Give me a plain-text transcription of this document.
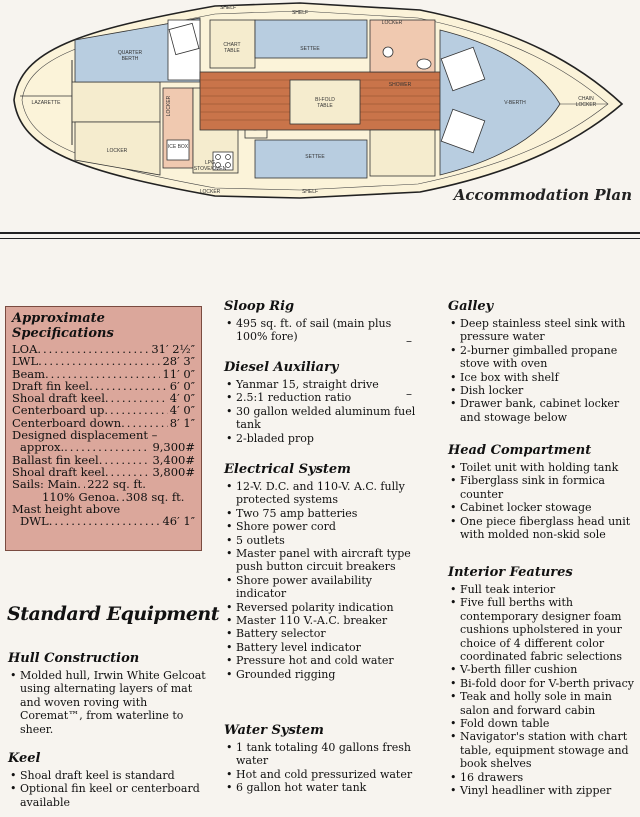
SHELF
SHELF
CHART
TABLE	SETTEE
LOCKER
QUARTER
BERTH
LAZARETTE	LOCKER	BI-FOLD
TABLE
SHOWER
V-BERTH
CHAIN
LOCKER
LOCKER
ICE BOX
LPG
STOVE/OVEN
SETTEE
LOCKER	SHELF	Accommodation Plan
Approximate
Specifications
LOA .....	31′ 2½″
LWL .....	28′ 3″
Beam .....	11′ 0″
Draft fin keel .....	6′ 0″
Shoal draft keel .....	4′ 0″
Centerboard up .....	4′ 0″
Centerboard down .....	8′ 1″
Designed displacement –
approx. .....	9,300#
Ballast fin keel .....	3,400#
Shoal draft keel .....	3,800#
Sails: Main ..... 222 sq. ft.
110% Genoa ..... 308 sq. ft.
Mast height above
DWL .....	46′ 1″
Standard Equipment
Hull Construction
• Molded hull, Irwin White Gelcoat using alternating layers of mat and woven roving with Coremat™, from waterline to sheer.
Keel
• Shoal draft keel is standard
• Optional fin keel or centerboard available
Sloop Rig
• 495 sq. ft. of sail (main plus 100% fore)
Diesel Auxiliary
• Yanmar 15, straight drive
• 2.5:1 reduction ratio
• 30 gallon welded aluminum fuel tank
• 2-bladed prop
Electrical System
• 12-V. D.C. and 110-V. A.C. fully protected systems
• Two 75 amp batteries
• Shore power cord
• 5 outlets
• Master panel with aircraft type push button circuit breakers
• Shore power availability indicator
• Reversed polarity indication
• Master 110 V.-A.C. breaker
• Battery selector
• Battery level indicator
• Pressure hot and cold water
• Grounded rigging
Water System
• 1 tank totaling 40 gallons fresh water
• Hot and cold pressurized water
• 6 gallon hot water tank
Galley
• Deep stainless steel sink with pressure water
• 2-burner gimballed propane stove with oven
• Ice box with shelf
• Dish locker
• Drawer bank, cabinet locker and stowage below
Head Compartment
• Toilet unit with holding tank
• Fiberglass sink in formica counter
• Cabinet locker stowage
• One piece fiberglass head unit with molded non-skid sole
Interior Features
• Full teak interior
• Five full berths with contemporary designer foam cushions upholstered in your choice of 4 different color coordinated fabric selections
• V-berth filler cushion
• Bi-fold door for V-berth privacy
• Teak and holly sole in main salon and forward cabin
• Fold down table
• Navigator's station with chart table, equipment stowage and book shelves
• 16 drawers
• Vinyl headliner with zipper
–
–
